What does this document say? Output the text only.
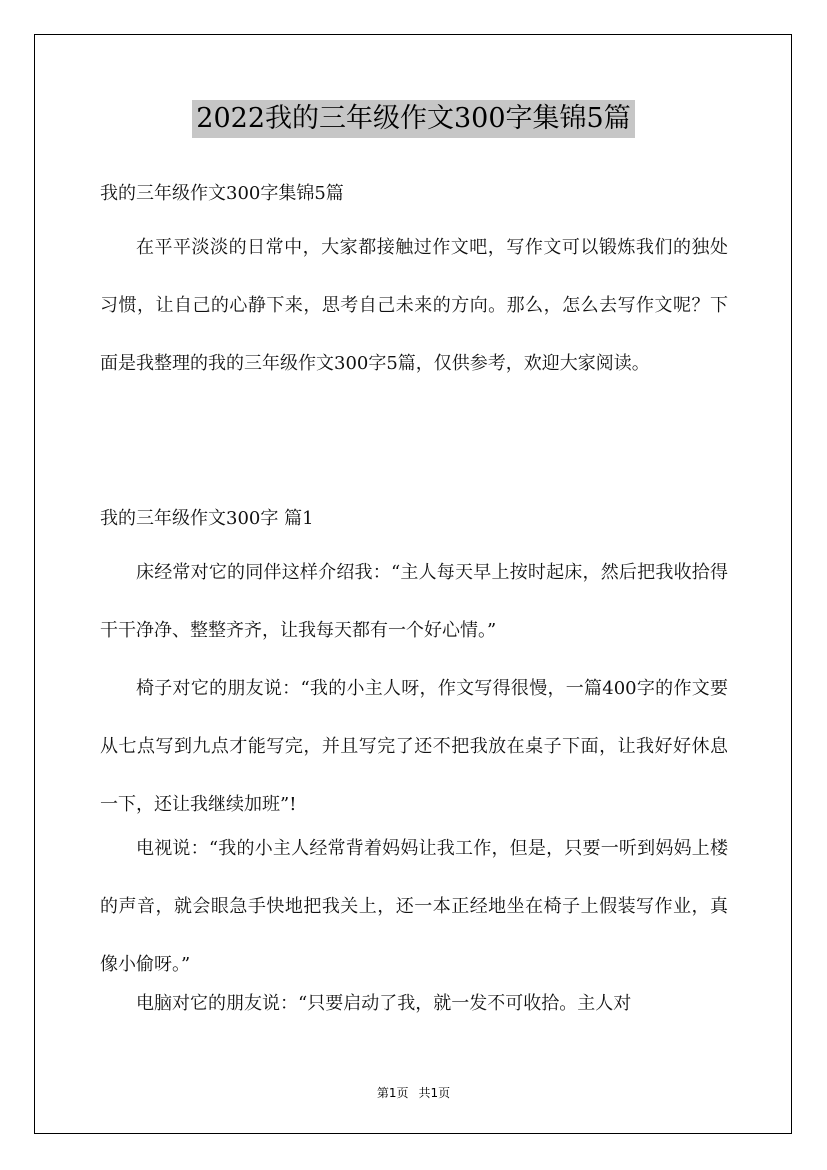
2022我的三年级作文300字集锦5篇

我的三年级作文300字集锦5篇

在平平淡淡的日常中，大家都接触过作文吧，写作文可以锻炼我们的独处习惯，让自己的心静下来，思考自己未来的方向。那么，怎么去写作文呢？下面是我整理的我的三年级作文300字5篇，仅供参考，欢迎大家阅读。

我的三年级作文300字 篇1

床经常对它的同伴这样介绍我：“主人每天早上按时起床，然后把我收拾得干干净净、整整齐齐，让我每天都有一个好心情。”

椅子对它的朋友说：“我的小主人呀，作文写得很慢，一篇400字的作文要从七点写到九点才能写完，并且写完了还不把我放在桌子下面，让我好好休息一下，还让我继续加班”!

电视说：“我的小主人经常背着妈妈让我工作，但是，只要一听到妈妈上楼的声音，就会眼急手快地把我关上，还一本正经地坐在椅子上假装写作业，真像小偷呀。”

电脑对它的朋友说：“只要启动了我，就一发不可收拾。主人对

第1页 共1页
